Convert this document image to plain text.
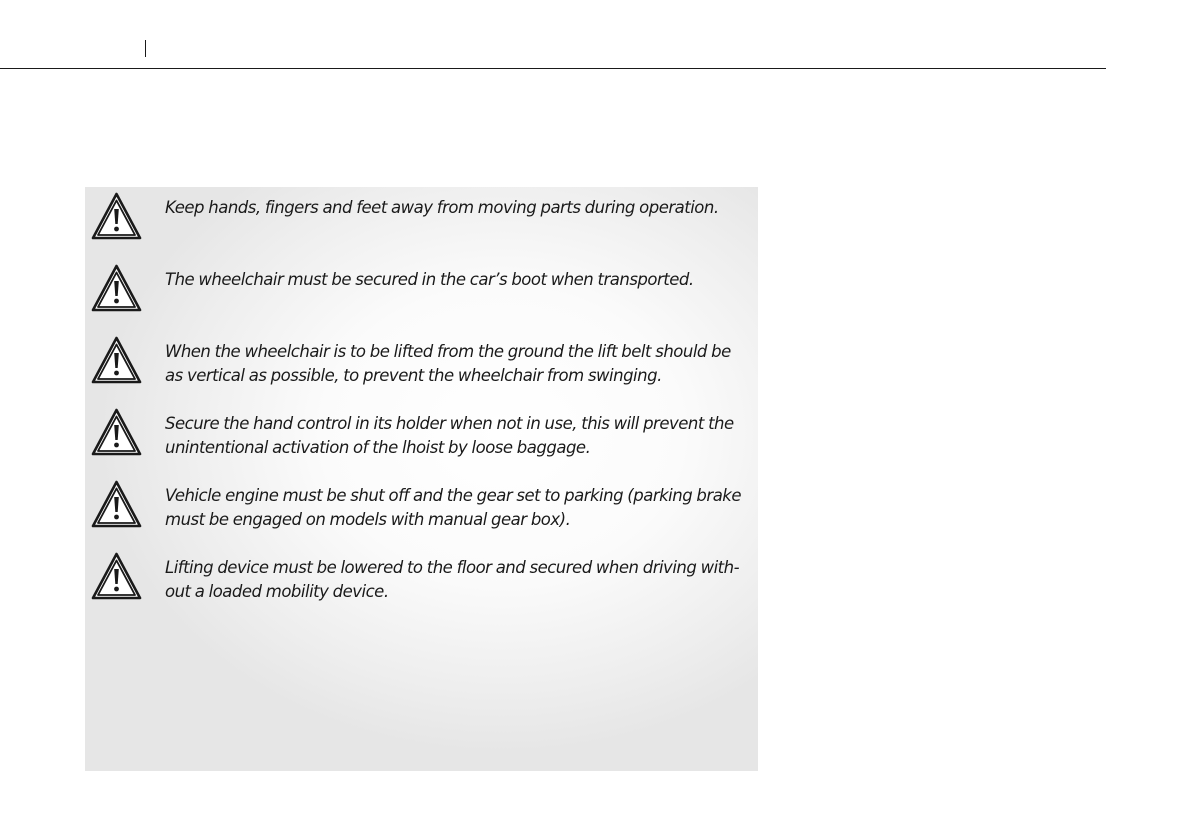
Keep hands, fingers and feet away from moving parts during operation.

The wheelchair must be secured in the car’s boot when transported.

When the wheelchair is to be lifted from the ground the lift belt should be as vertical as possible, to prevent the wheelchair from swinging.

Secure the hand control in its holder when not in use, this will prevent the unintentional activation of the lhoist by loose baggage.

Vehicle engine must be shut off and the gear set to parking (parking brake must be engaged on models with manual gear box).

Lifting device must be lowered to the floor and secured when driving with-out a loaded mobility device.
